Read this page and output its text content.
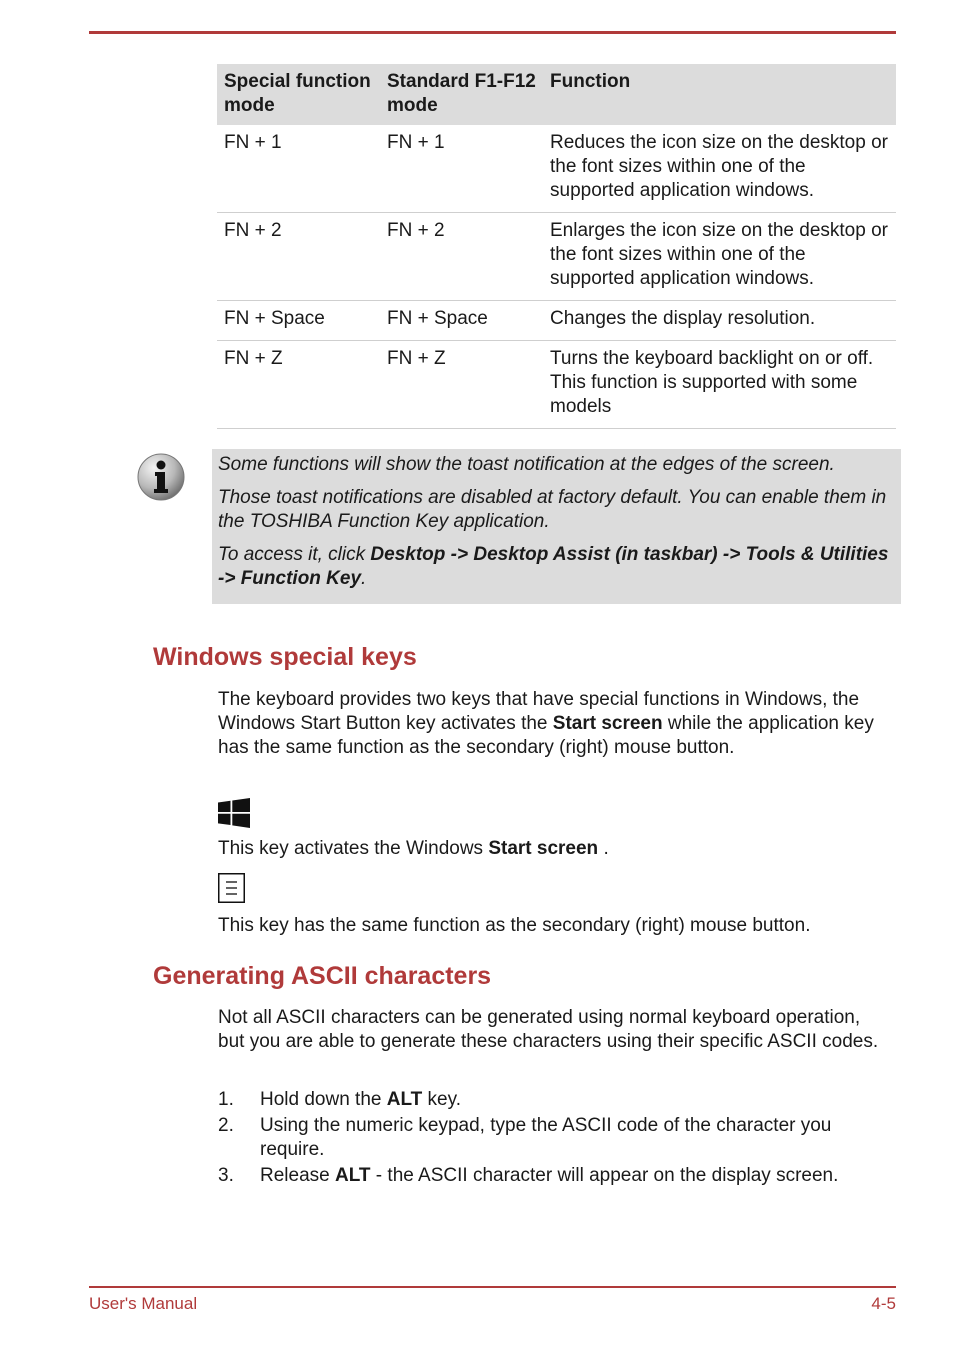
Special function mode	Standard F1-F12 mode	Function
FN + 1	FN + 1	Reduces the icon size on the desktop or the font sizes within one of the supported application windows.
FN + 2	FN + 2	Enlarges the icon size on the desktop or the font sizes within one of the supported application windows.
FN + Space	FN + Space	Changes the display resolution.
FN + Z	FN + Z	Turns the keyboard backlight on or off. This function is supported with some models

Some functions will show the toast notification at the edges of the screen.

Those toast notifications are disabled at factory default. You can enable them in the TOSHIBA Function Key application.

To access it, click Desktop -> Desktop Assist (in taskbar) -> Tools & Utilities -> Function Key.

Windows special keys

The keyboard provides two keys that have special functions in Windows, the Windows Start Button key activates the Start screen while the application key has the same function as the secondary (right) mouse button.

This key activates the Windows Start screen .

This key has the same function as the secondary (right) mouse button.

Generating ASCII characters

Not all ASCII characters can be generated using normal keyboard operation, but you are able to generate these characters using their specific ASCII codes.

1. Hold down the ALT key.
2. Using the numeric keypad, type the ASCII code of the character you require.
3. Release ALT - the ASCII character will appear on the display screen.
User's Manual	4-5
